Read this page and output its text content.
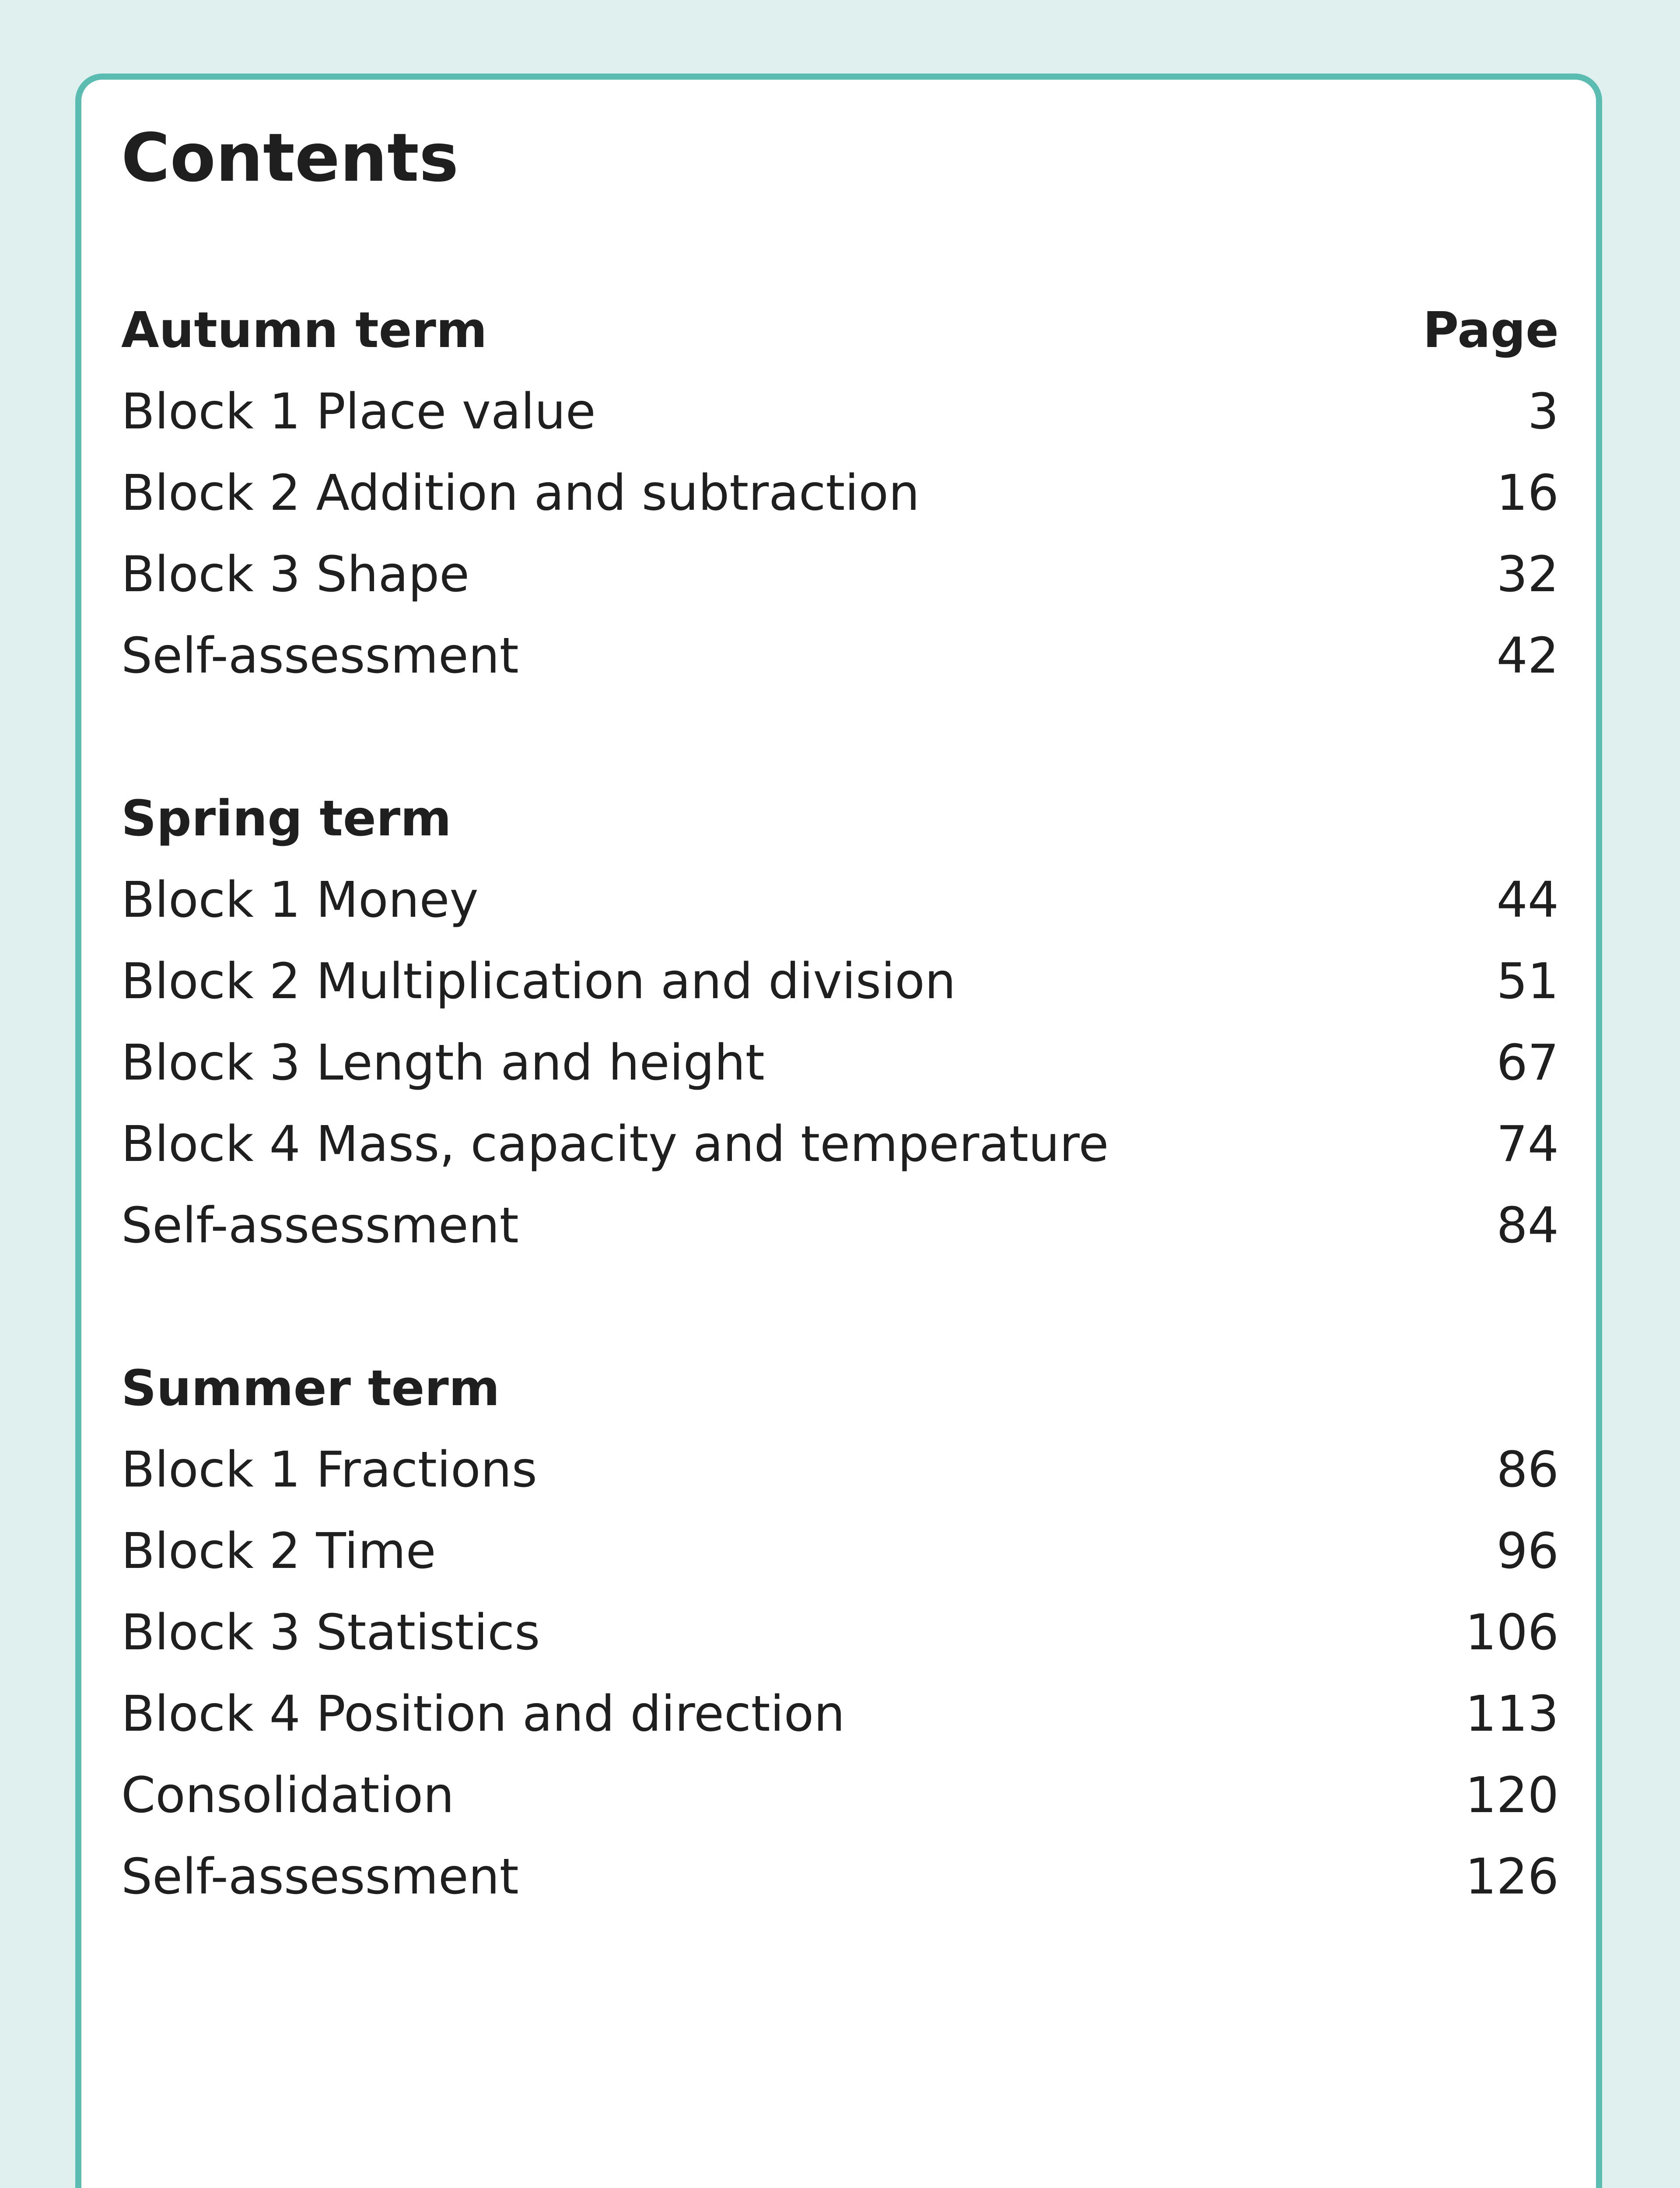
Contents
Autumn term	Page
Block 1 Place value	3
Block 2 Addition and subtraction	16
Block 3 Shape	32
Self-assessment	42
Spring term
Block 1 Money	44
Block 2 Multiplication and division	51
Block 3 Length and height	67
Block 4 Mass, capacity and temperature	74
Self-assessment	84
Summer term
Block 1 Fractions	86
Block 2 Time	96
Block 3 Statistics	106
Block 4 Position and direction	113
Consolidation	120
Self-assessment	126
